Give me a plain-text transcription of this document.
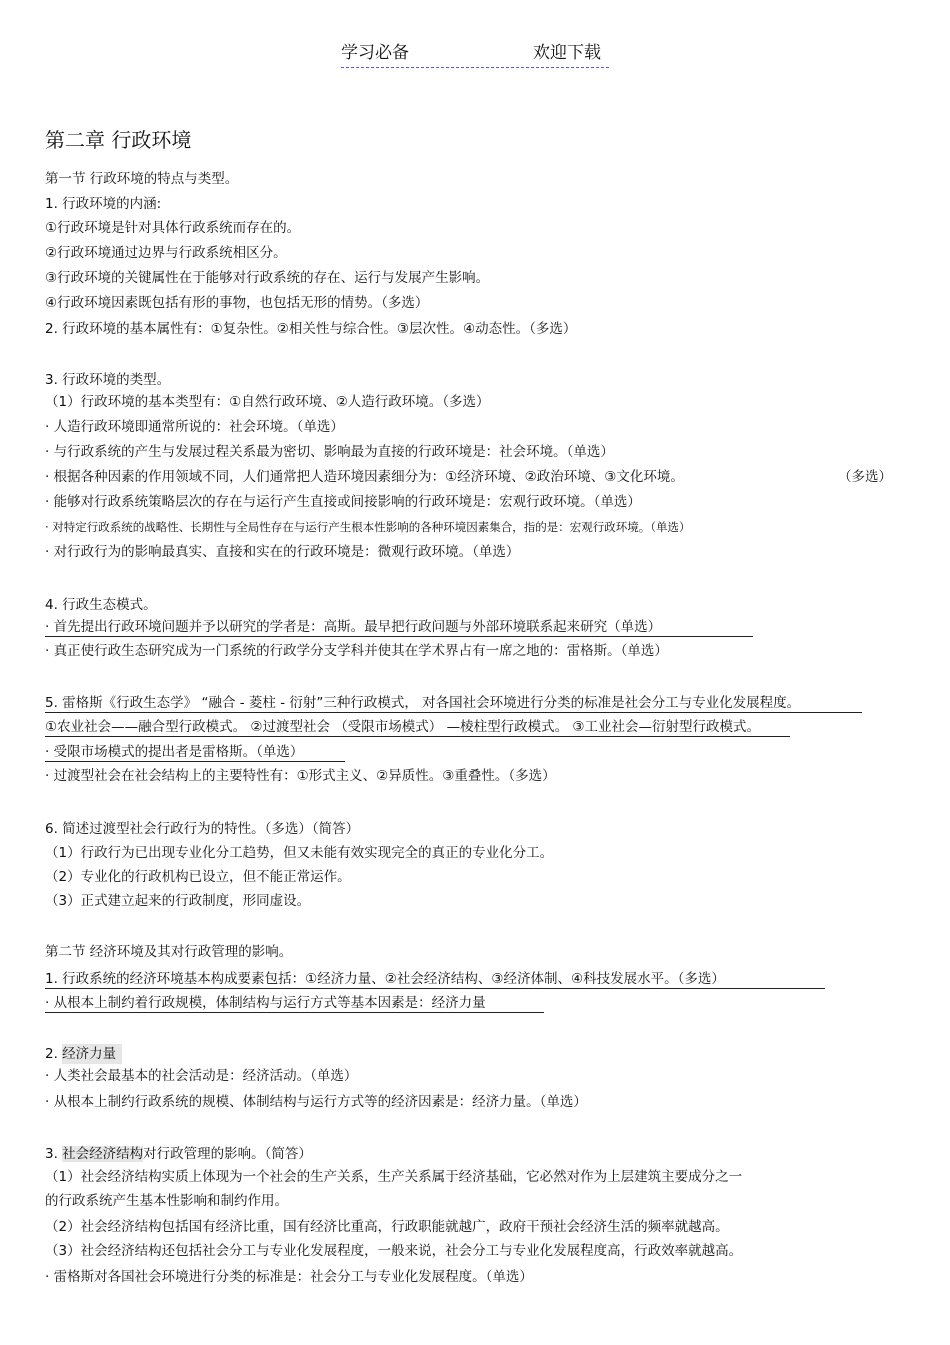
学习必备	欢迎下载
第二章 行政环境
第一节 行政环境的特点与类型。
1. 行政环境的内涵:
①行政环境是针对具体行政系统而存在的。
②行政环境通过边界与行政系统相区分。
③行政环境的关键属性在于能够对行政系统的存在、运行与发展产生影响。
④行政环境因素既包括有形的事物，也包括无形的情势。（多选）
2. 行政环境的基本属性有：①复杂性。②相关性与综合性。③层次性。④动态性。（多选）
3. 行政环境的类型。
（1）行政环境的基本类型有：①自然行政环境、②人造行政环境。（多选）
· 人造行政环境即通常所说的：社会环境。（单选）
· 与行政系统的产生与发展过程关系最为密切、影响最为直接的行政环境是：社会环境。（单选）
· 根据各种因素的作用领域不同，人们通常把人造环境因素细分为：①经济环境、②政治环境、③文化环境。	（多选）
· 能够对行政系统策略层次的存在与运行产生直接或间接影响的行政环境是：宏观行政环境。（单选）
· 对特定行政系统的战略性、长期性与全局性存在与运行产生根本性影响的各种环境因素集合，指的是：宏观行政环境。（单选）
· 对行政行为的影响最真实、直接和实在的行政环境是：微观行政环境。（单选）
4. 行政生态模式。
· 首先提出行政环境问题并予以研究的学者是：高斯。最早把行政问题与外部环境联系起来研究（单选）
· 真正使行政生态研究成为一门系统的行政学分支学科并使其在学术界占有一席之地的：雷格斯。（单选）
5. 雷格斯《行政生态学》 “融合 - 菱柱 - 衍射”三种行政模式， 对各国社会环境进行分类的标准是社会分工与专业化发展程度。
①农业社会——融合型行政模式。 ②过渡型社会 （受限市场模式） —棱柱型行政模式。 ③工业社会—衍射型行政模式。
· 受限市场模式的提出者是雷格斯。（单选）
· 过渡型社会在社会结构上的主要特性有：①形式主义、②异质性。③重叠性。（多选）
6. 简述过渡型社会行政行为的特性。（多选）（简答）
（1）行政行为已出现专业化分工趋势，但又未能有效实现完全的真正的专业化分工。
（2）专业化的行政机构已设立，但不能正常运作。
（3）正式建立起来的行政制度，形同虚设。
第二节 经济环境及其对行政管理的影响。
1. 行政系统的经济环境基本构成要素包括：①经济力量、②社会经济结构、③经济体制、④科技发展水平。（多选）
· 从根本上制约着行政规模，体制结构与运行方式等基本因素是：经济力量
2. 经济力量
· 人类社会最基本的社会活动是：经济活动。（单选）
· 从根本上制约行政系统的规模、体制结构与运行方式等的经济因素是：经济力量。（单选）
3. 社会经济结构对行政管理的影响。（简答）
（1）社会经济结构实质上体现为一个社会的生产关系，生产关系属于经济基础，它必然对作为上层建筑主要成分之一
的行政系统产生基本性影响和制约作用。
（2）社会经济结构包括国有经济比重，国有经济比重高，行政职能就越广，政府干预社会经济生活的频率就越高。
（3）社会经济结构还包括社会分工与专业化发展程度，一般来说，社会分工与专业化发展程度高，行政效率就越高。
· 雷格斯对各国社会环境进行分类的标准是：社会分工与专业化发展程度。（单选）
